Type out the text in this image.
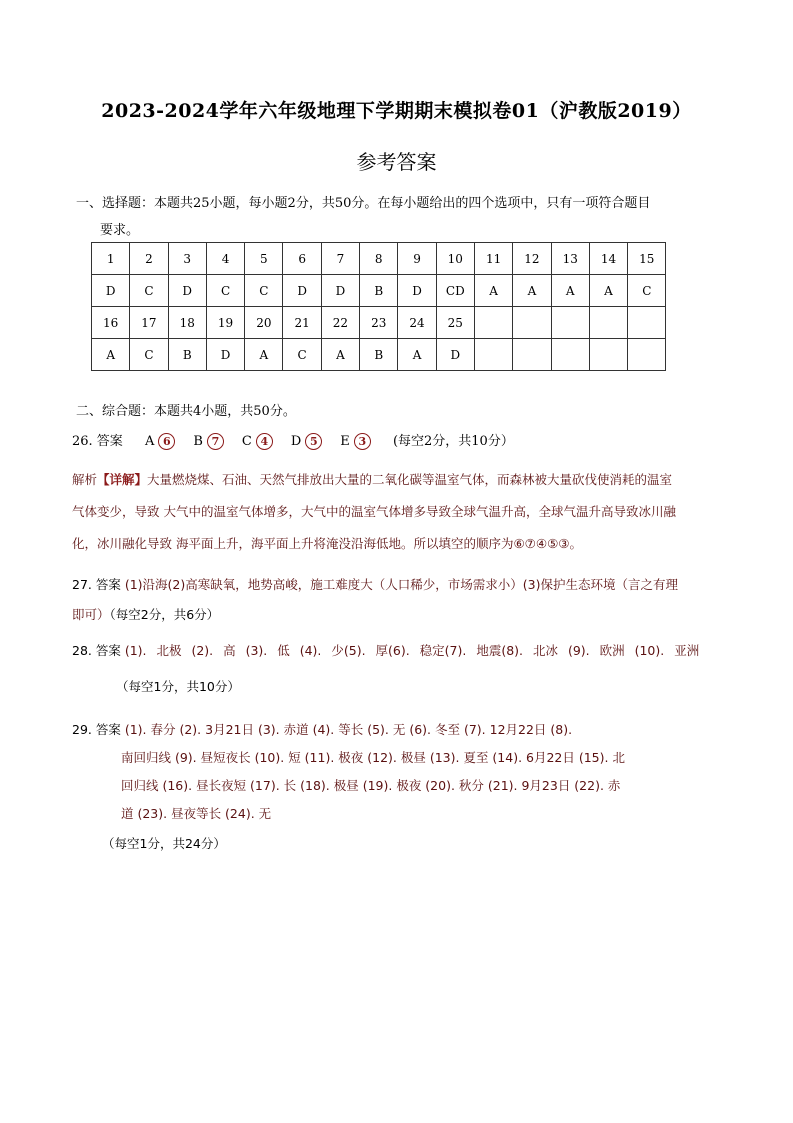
2023-2024学年六年级地理下学期期末模拟卷01（沪教版2019）
参考答案
一、选择题：本题共25小题，每小题2分，共50分。在每小题给出的四个选项中，只有一项符合题目
要求。
1	2	3	4	5	6	7	8	9	10	11	12	13	14	15
D	C	D	C	C	D	D	B	D	CD	A	A	A	A	C
16	17	18	19	20	21	22	23	24	25					
A	C	B	D	A	C	A	B	A	D					
二、综合题：本题共4小题，共50分。
26. 答案 A 6 B 7 C 4 D 5 E 3 (每空2分，共10分）
解析【详解】大量燃烧煤、石油、天然气排放出大量的二氧化碳等温室气体，而森林被大量砍伐使消耗的温室
气体变少，导致 大气中的温室气体增多，大气中的温室气体增多导致全球气温升高，全球气温升高导致冰川融
化，冰川融化导致 海平面上升，海平面上升将淹没沿海低地。所以填空的顺序为⑥⑦④⑤③。
27. 答案 (1)沿海(2)高寒缺氧，地势高峻，施工难度大（人口稀少，市场需求小）(3)保护生态环境（言之有理
即可）（每空2分，共6分）
28. 答案 (1). 北极 (2). 高 (3). 低 (4). 少(5). 厚(6). 稳定(7). 地震(8). 北冰 (9). 欧洲 (10). 亚洲
（每空1分，共10分）
29. 答案 (1). 春分 (2). 3月21日 (3). 赤道 (4). 等长 (5). 无 (6). 冬至 (7). 12月22日 (8).
南回归线 (9). 昼短夜长 (10). 短 (11). 极夜 (12). 极昼 (13). 夏至 (14). 6月22日 (15). 北
回归线 (16). 昼长夜短 (17). 长 (18). 极昼 (19). 极夜 (20). 秋分 (21). 9月23日 (22). 赤
道 (23). 昼夜等长 (24). 无
（每空1分，共24分）
